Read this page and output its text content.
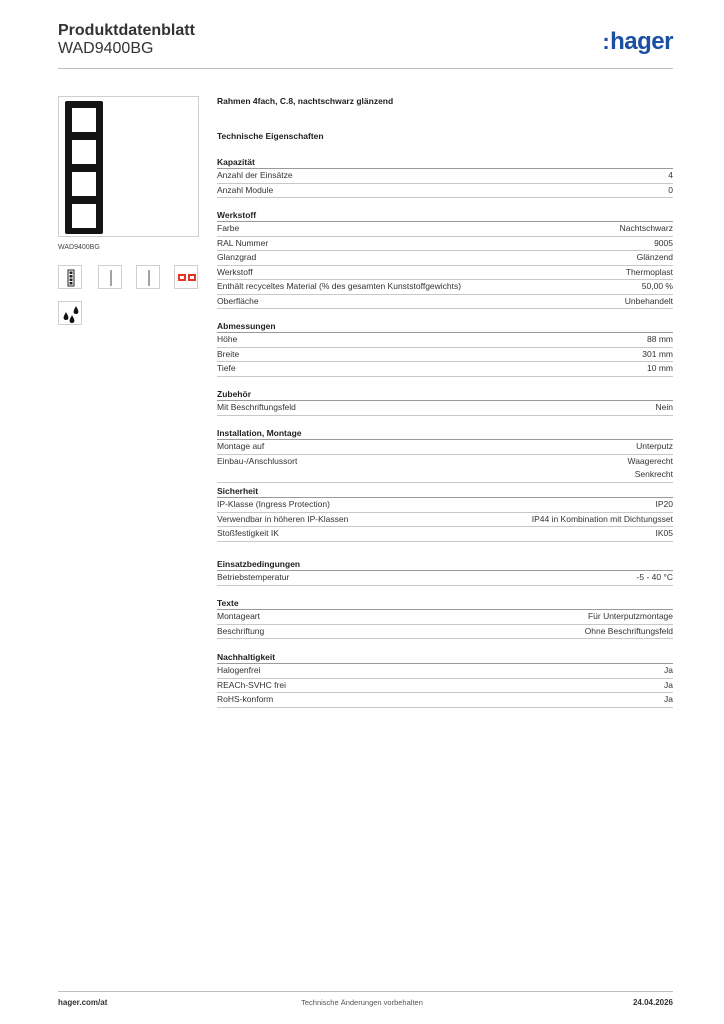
Produktdatenblatt
WAD9400BG	:hager
WAD9400BG
Rahmen 4fach, C.8, nachtschwarz glänzend
Technische Eigenschaften
Kapazität
Anzahl der Einsätze	4
Anzahl Module	0
Werkstoff
Farbe	Nachtschwarz
RAL Nummer	9005
Glanzgrad	Glänzend
Werkstoff	Thermoplast
Enthält recyceltes Material (% des gesamten Kunststoffgewichts)	50,00 %
Oberfläche	Unbehandelt
Abmessungen
Höhe	88 mm
Breite	301 mm
Tiefe	10 mm
Zubehör
Mit Beschriftungsfeld	Nein
Installation, Montage
Montage auf	Unterputz
Einbau-/Anschlussort	Waagerecht
Senkrecht
Sicherheit
IP-Klasse (Ingress Protection)	IP20
Verwendbar in höheren IP-Klassen	IP44 in Kombination mit Dichtungsset
Stoßfestigkeit IK	IK05
Einsatzbedingungen
Betriebstemperatur	-5 - 40 °C
Texte
Montageart	Für Unterputzmontage
Beschriftung	Ohne Beschriftungsfeld
Nachhaltigkeit
Halogenfrei	Ja
REACh-SVHC frei	Ja
RoHS-konform	Ja
hager.com/at	Technische Änderungen vorbehalten	24.04.2026
